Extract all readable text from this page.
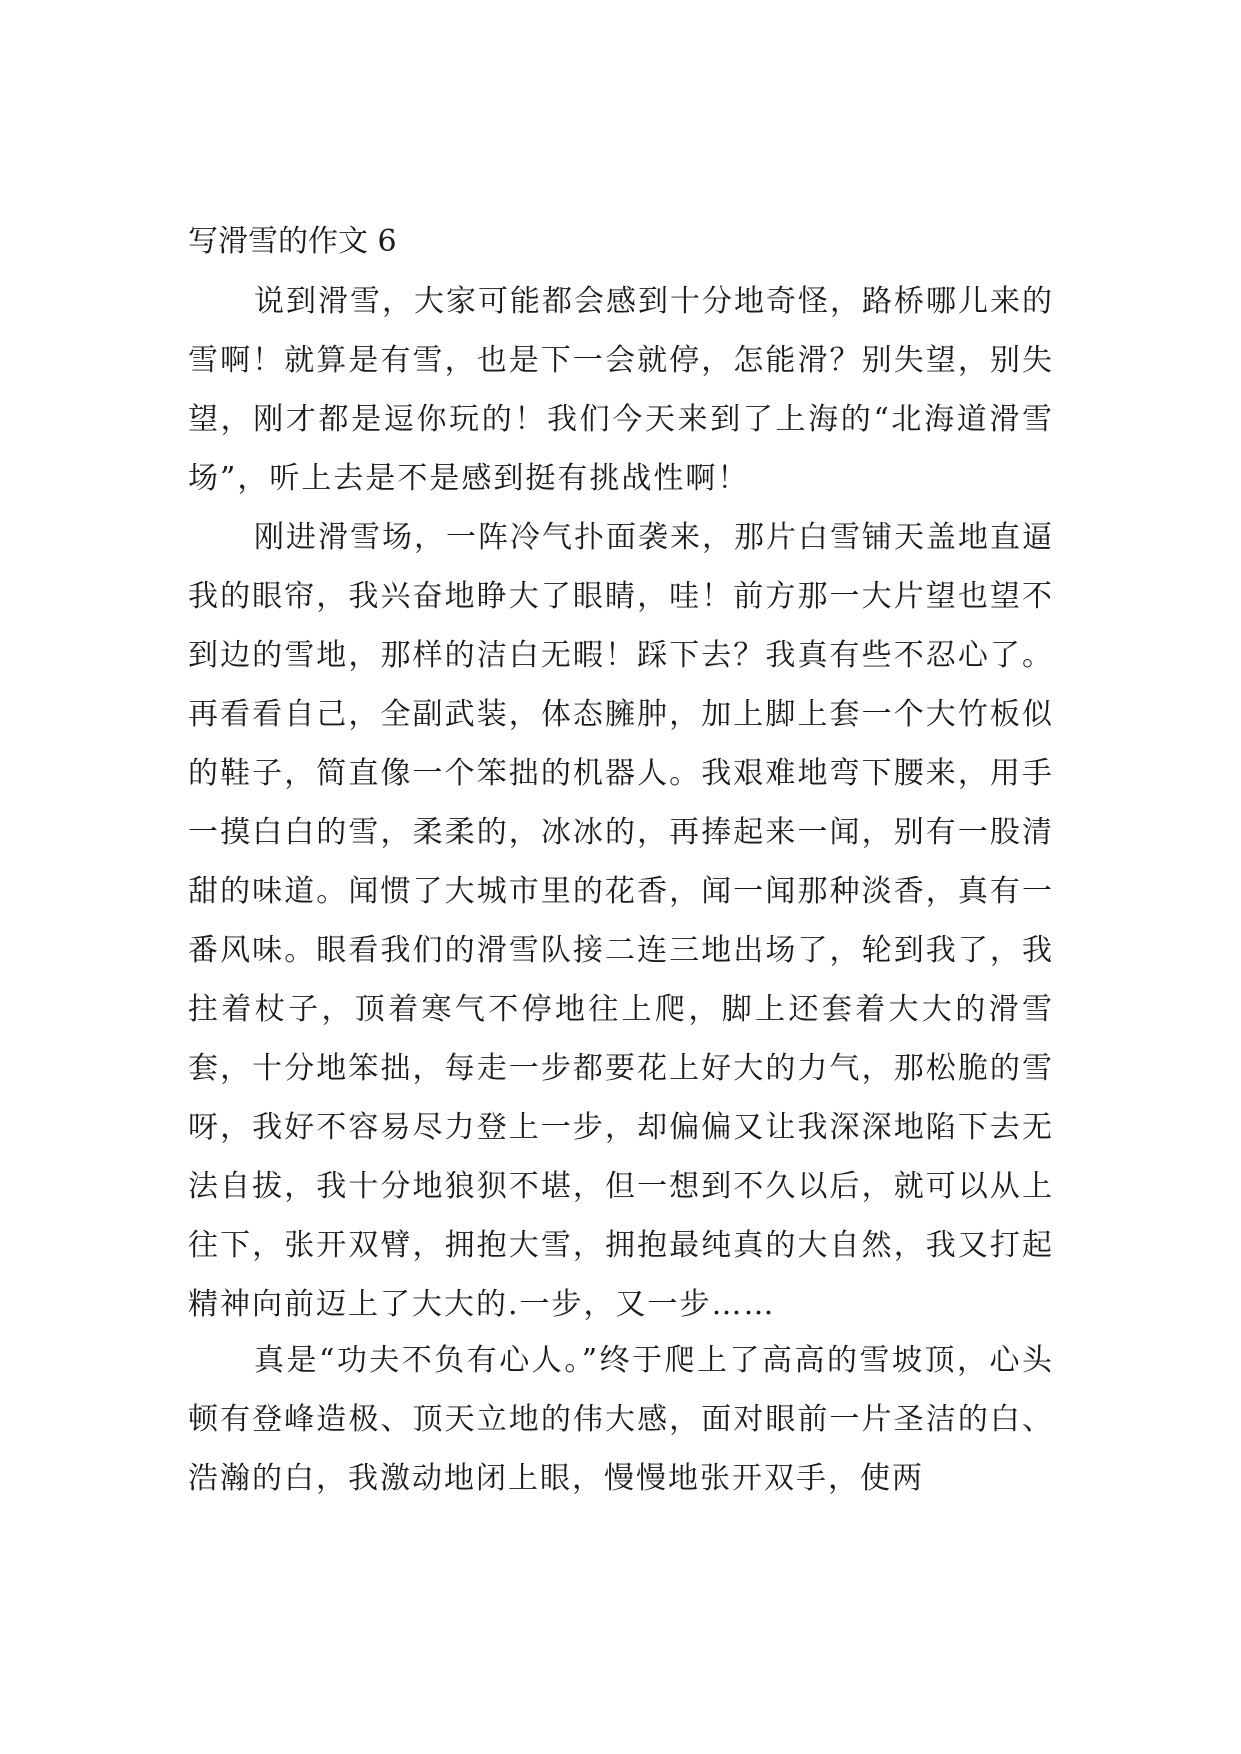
写滑雪的作文 6

说到滑雪，大家可能都会感到十分地奇怪，路桥哪儿来的雪啊！就算是有雪，也是下一会就停，怎能滑？别失望，别失望，刚才都是逗你玩的！我们今天来到了上海的“北海道滑雪场”，听上去是不是感到挺有挑战性啊！

刚进滑雪场，一阵冷气扑面袭来，那片白雪铺天盖地直逼我的眼帘，我兴奋地睁大了眼睛，哇！前方那一大片望也望不到边的雪地，那样的洁白无暇！踩下去？我真有些不忍心了。再看看自己，全副武装，体态臃肿，加上脚上套一个大竹板似的鞋子，简直像一个笨拙的机器人。我艰难地弯下腰来，用手一摸白白的雪，柔柔的，冰冰的，再捧起来一闻，别有一股清甜的味道。闻惯了大城市里的花香，闻一闻那种淡香，真有一番风味。眼看我们的滑雪队接二连三地出场了，轮到我了，我拄着杖子，顶着寒气不停地往上爬，脚上还套着大大的滑雪套，十分地笨拙，每走一步都要花上好大的力气，那松脆的雪呀，我好不容易尽力登上一步，却偏偏又让我深深地陷下去无法自拔，我十分地狼狈不堪，但一想到不久以后，就可以从上往下，张开双臂，拥抱大雪，拥抱最纯真的大自然，我又打起精神向前迈上了大大的.一步，又一步……

真是“功夫不负有心人。”终于爬上了高高的雪坡顶，心头顿有登峰造极、顶天立地的伟大感，面对眼前一片圣洁的白、浩瀚的白，我激动地闭上眼，慢慢地张开双手，使两
